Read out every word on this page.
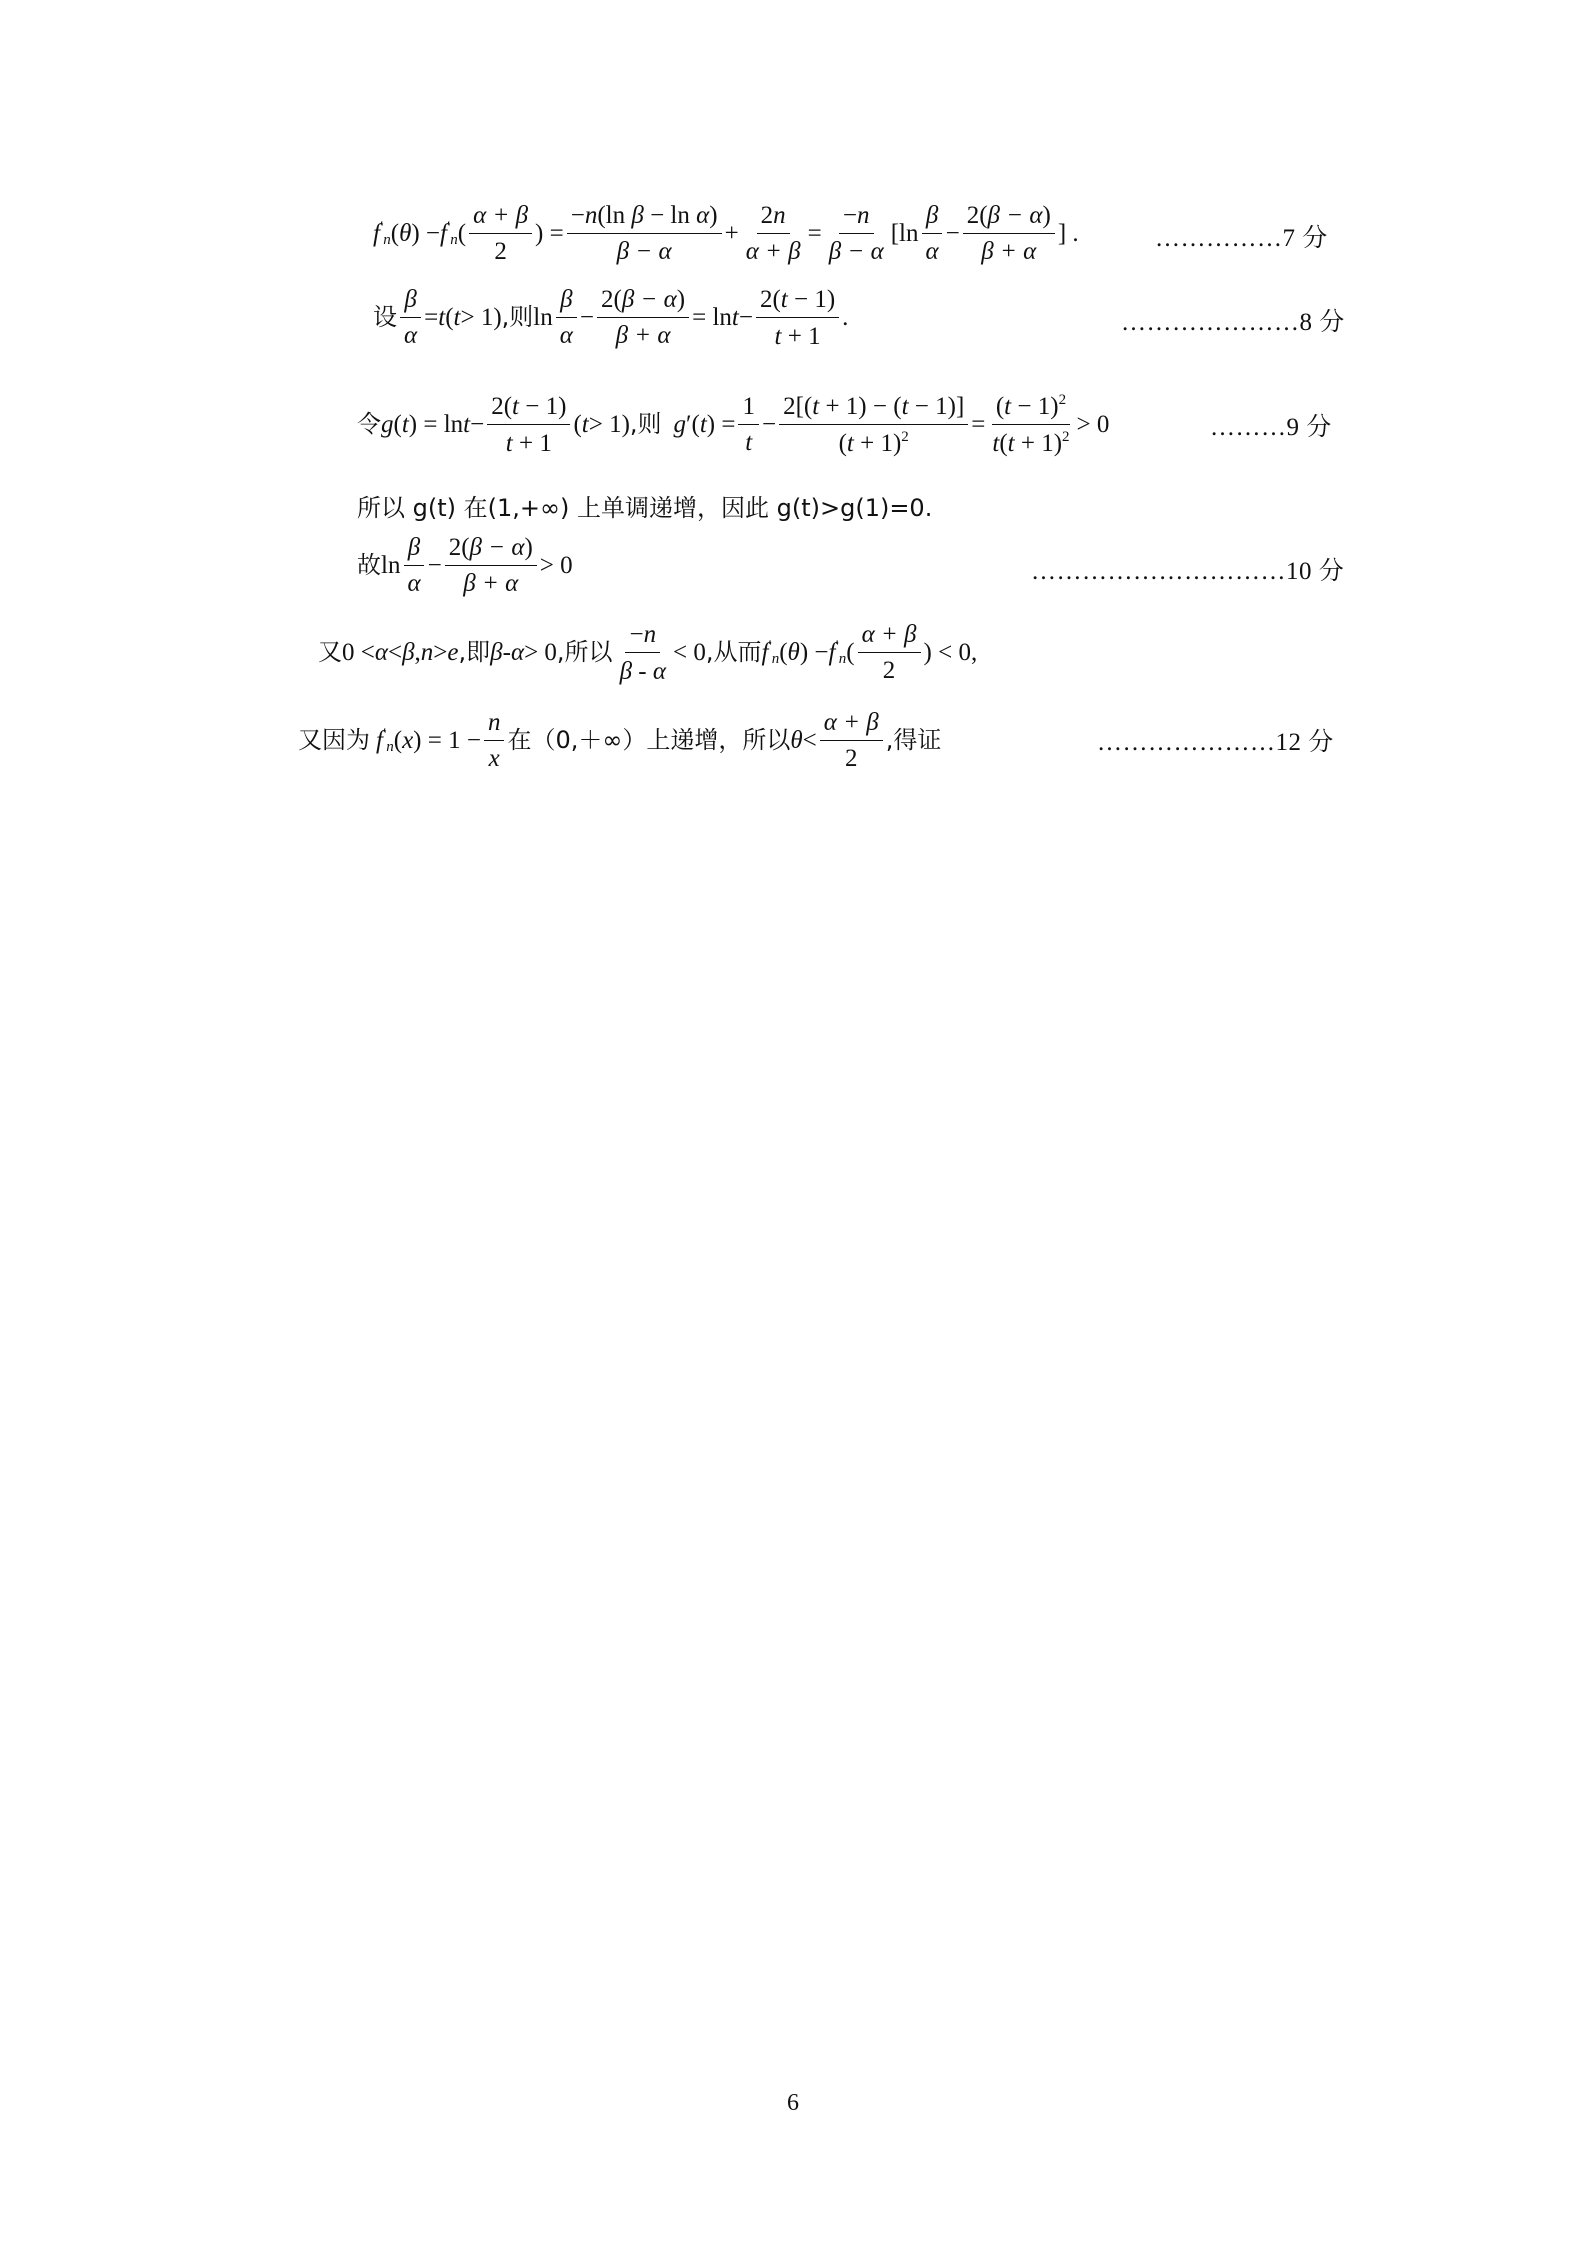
f ′
$_n$ ( θ ) − f ′
$_n$ ( $\frac{\alpha + \beta}{2}$ ) = $\frac{\text{−n(ln β − ln α)}}{\beta - \alpha} + \frac{2n}{\alpha + \beta} = \frac{-n}{\beta - \alpha} [\ln \frac{\beta}{\alpha} - \frac{2(\beta - \alpha)}{\beta + \alpha}$ ] .	……………7 分
设 $\frac{\beta}{\alpha} = t$ ( t > 1) ,则 $\ln \frac{\beta}{\alpha} - \frac{2(\beta - \alpha)}{\beta + \alpha} = \ln t - \frac{2(t - 1)}{t + 1}$ .	…………………8 分
令 g ( t ) = $\ln t - \frac{2(t - 1)}{t + 1}$ ( t > 1) ,则 g ′( t ) = $\frac{1}{t} - \frac{2[(t + 1) - (t - 1)]}{(t + 1)^2} = \frac{(t - 1)^2}{t(t + 1)^2} > 0$	………9 分
所以 g(t) 在(1,+∞) 上单调递增，因此 g(t)>g(1)=0.
故 $\ln \frac{\beta}{\alpha} - \frac{2(\beta - \alpha)}{\beta + \alpha} > 0$	…………………………10 分
又 0 < α < β , n > e ,即 β - α > 0 ,所以 $\frac{-n}{\beta - \alpha} < 0$ ,从而 f ′
$_n$ ( θ ) − f ′
$_n$ ( $\frac{\alpha + \beta}{2}$ ) < 0,
又因为 f ′
$_n$ ( x ) = $1 - \frac{n}{x}$ 在（0,＋∞）上递增，所以 $\theta < \frac{\alpha + \beta}{2}$ ,得证	…………………12 分
6
